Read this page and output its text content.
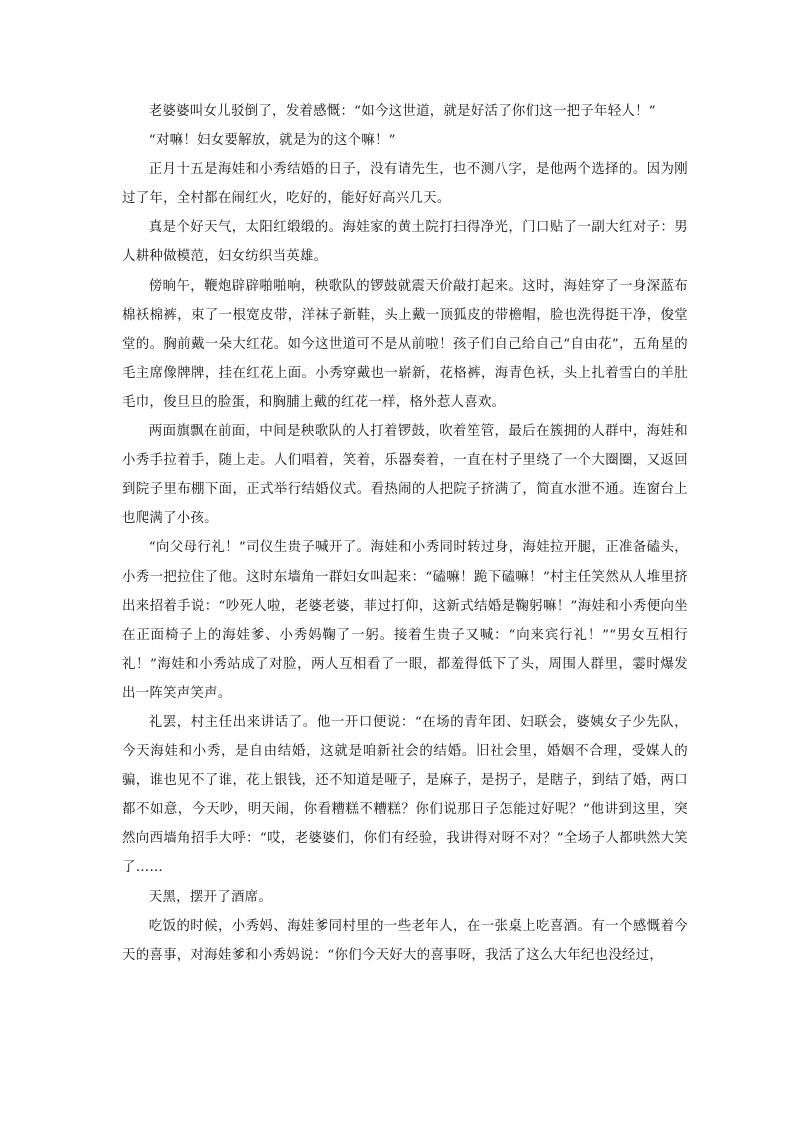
老婆婆叫女儿驳倒了，发着感慨：“如今这世道，就是好活了你们这一把子年轻人！”

“对嘛！妇女要解放，就是为的这个嘛！”

正月十五是海娃和小秀结婚的日子，没有请先生，也不测八字，是他两个选择的。因为刚过了年，全村都在闹红火，吃好的，能好好高兴几天。

真是个好天气，太阳红缎缎的。海娃家的黄土院打扫得净光，门口贴了一副大红对子：男人耕种做模范，妇女纺织当英雄。

傍晌午，鞭炮辟辟啪啪响，秧歌队的锣鼓就震天价敲打起来。这时，海娃穿了一身深蓝布棉袄棉裤，束了一根宽皮带，洋袜子新鞋，头上戴一顶狐皮的带檐帽，脸也洗得挺干净，俊堂堂的。胸前戴一朵大红花。如今这世道可不是从前啦！孩子们自己给自己“自由花”，五角星的毛主席像牌牌，挂在红花上面。小秀穿戴也一崭新，花格裤，海青色袄，头上扎着雪白的羊肚毛巾，俊旦旦的脸蛋，和胸脯上戴的红花一样，格外惹人喜欢。

两面旗飘在前面，中间是秧歌队的人打着锣鼓，吹着笙管，最后在簇拥的人群中，海娃和小秀手拉着手，随上走。人们唱着，笑着，乐器奏着，一直在村子里绕了一个大圈圈，又返回到院子里布棚下面，正式举行结婚仪式。看热闹的人把院子挤满了，简直水泄不通。连窗台上也爬满了小孩。

“向父母行礼！”司仪生贵子喊开了。海娃和小秀同时转过身，海娃拉开腿，正准备磕头，小秀一把拉住了他。这时东墙角一群妇女叫起来：“磕嘛！跪下磕嘛！”村主任笑然从人堆里挤出来招着手说：“吵死人啦，老婆老婆，菲过打仰，这新式结婚是鞠躬嘛！”海娃和小秀便向坐在正面椅子上的海娃爹、小秀妈鞠了一躬。接着生贵子又喊：“向来宾行礼！”“男女互相行礼！”海娃和小秀站成了对脸，两人互相看了一眼，都羞得低下了头，周围人群里，霎时爆发出一阵笑声笑声。

礼罢，村主任出来讲话了。他一开口便说：“在场的青年团、妇联会，婆姨女子少先队，今天海娃和小秀，是自由结婚，这就是咱新社会的结婚。旧社会里，婚姻不合理，受媒人的骗，谁也见不了谁，花上银钱，还不知道是哑子，是麻子，是拐子，是瞎子，到结了婚，两口都不如意，今天吵，明天闹，你看糟糕不糟糕？你们说那日子怎能过好呢？”他讲到这里，突然向西墙角招手大呼：“哎，老婆婆们，你们有经验，我讲得对呀不对？”全场子人都哄然大笑了……

天黑，摆开了酒席。

吃饭的时候，小秀妈、海娃爹同村里的一些老年人，在一张桌上吃喜酒。有一个感慨着今天的喜事，对海娃爹和小秀妈说：“你们今天好大的喜事呀，我活了这么大年纪也没经过，
